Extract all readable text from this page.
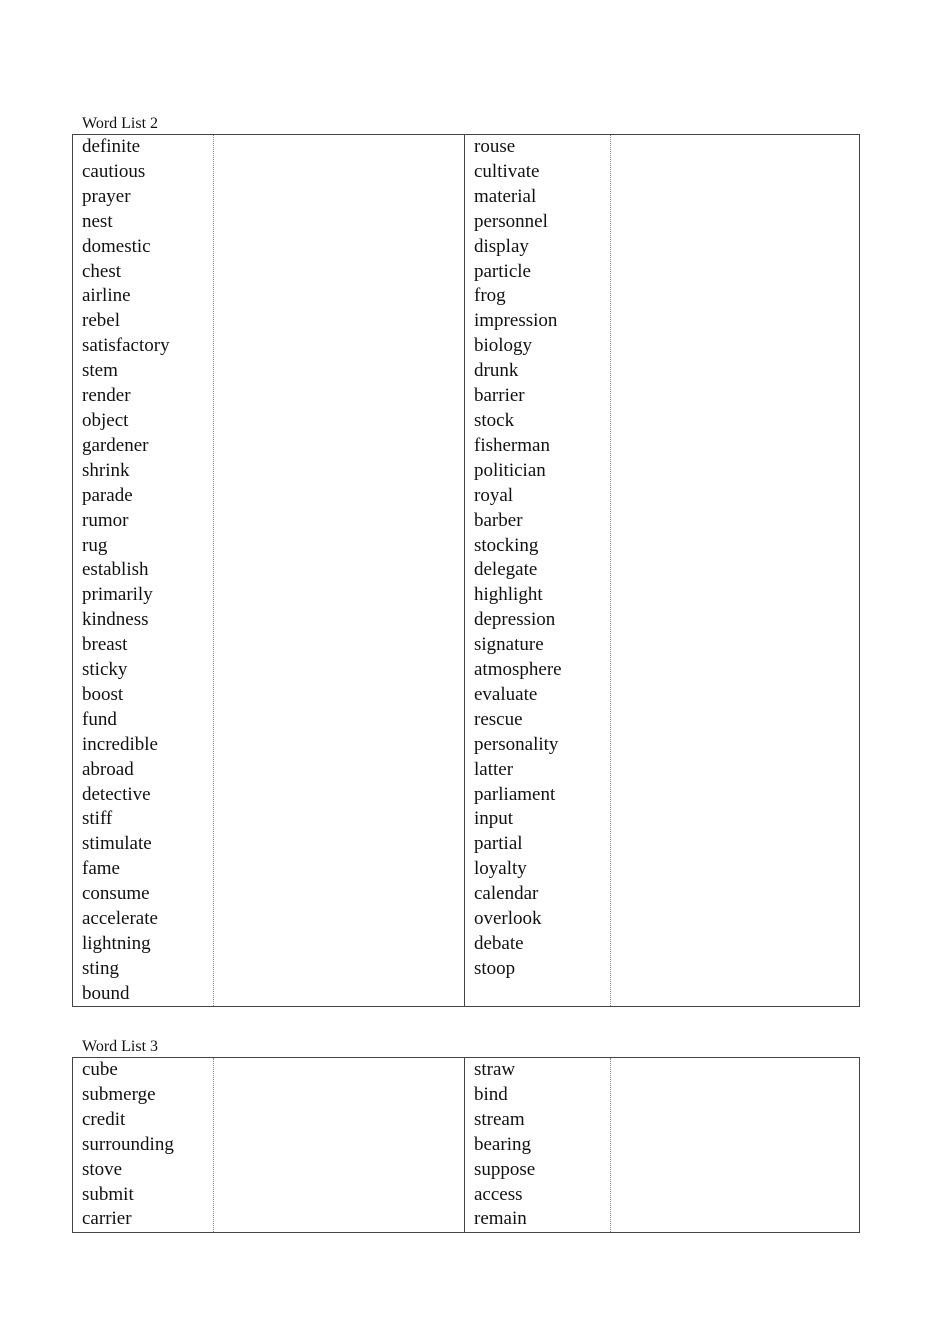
Word List 2
definite
cautious
prayer
nest
domestic
chest
airline
rebel
satisfactory
stem
render
object
gardener
shrink
parade
rumor
rug
establish
primarily
kindness
breast
sticky
boost
fund
incredible
abroad
detective
stiff
stimulate
fame
consume
accelerate
lightning
sting
bound
rouse
cultivate
material
personnel
display
particle
frog
impression
biology
drunk
barrier
stock
fisherman
politician
royal
barber
stocking
delegate
highlight
depression
signature
atmosphere
evaluate
rescue
personality
latter
parliament
input
partial
loyalty
calendar
overlook
debate
stoop
Word List 3
cube
submerge
credit
surrounding
stove
submit
carrier
straw
bind
stream
bearing
suppose
access
remain
